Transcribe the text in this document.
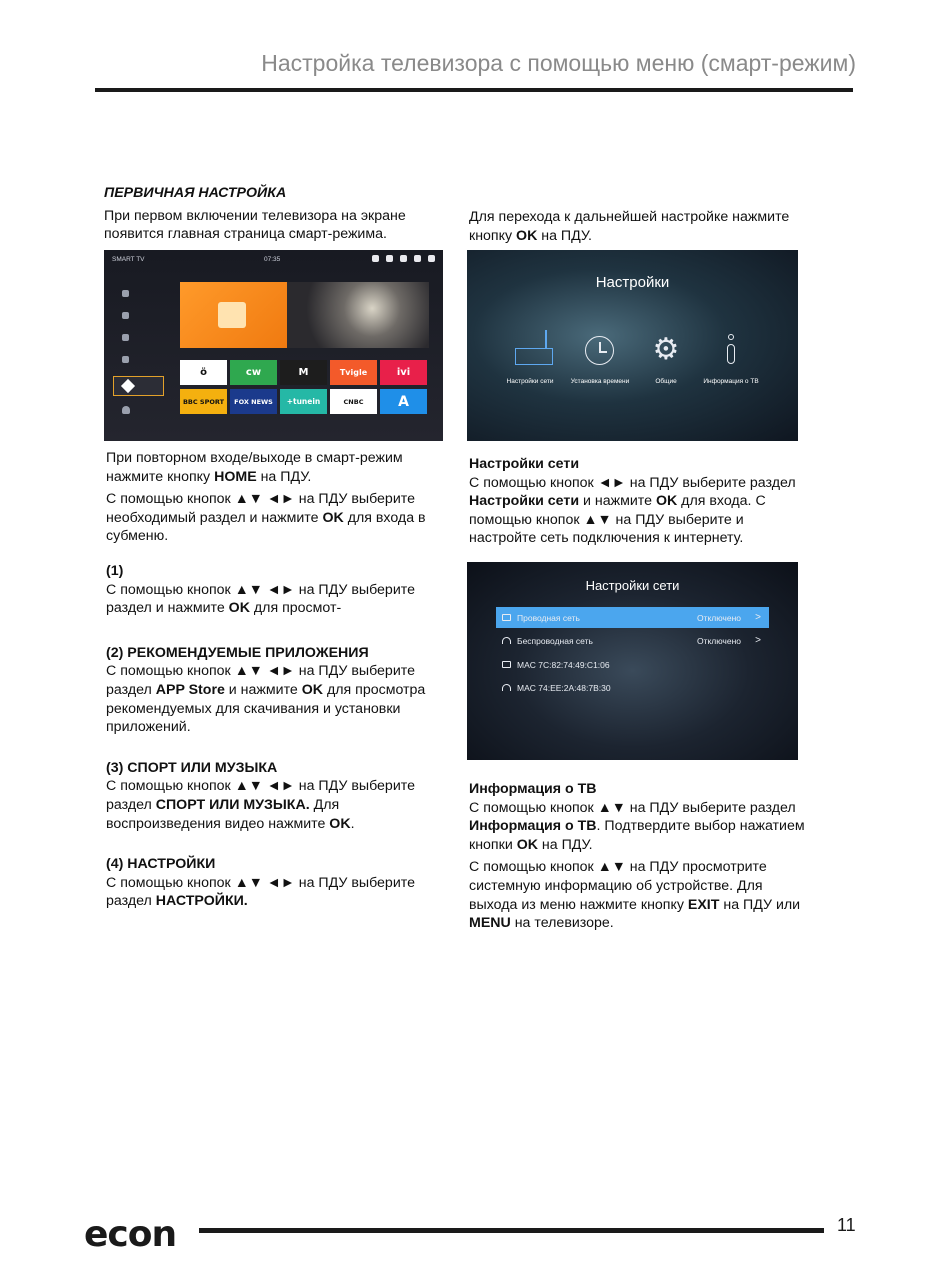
Настройка телевизора с помощью меню (смарт-режим)

ПЕРВИЧНАЯ НАСТРОЙКА

При первом включении телевизора на экране появится главная страница смарт-режима.

SMART TV	07:35
ö	cw	M	Tvigle	ivi
BBC SPORT	FOX NEWS	+tunein	CNBC	A

При повторном входе/выходе в смарт-режим нажмите кнопку HOME на ПДУ.

С помощью кнопок ▲▼ ◄► на ПДУ выберите необходимый раздел и нажмите OK для входа в субменю.

(1)

С помощью кнопок ▲▼ ◄► на ПДУ выберите раздел и нажмите OK для просмот-

(2) РЕКОМЕНДУЕМЫЕ ПРИЛОЖЕНИЯ

С помощью кнопок ▲▼ ◄► на ПДУ выберите раздел APP Store и нажмите OK для просмотра рекомендуемых для скачивания и установки приложений.

(3) СПОРТ ИЛИ МУЗЫКА

С помощью кнопок ▲▼ ◄► на ПДУ выберите раздел СПОРТ ИЛИ МУЗЫКА. Для воспроизведения видео нажмите OK.

(4) НАСТРОЙКИ

С помощью кнопок ▲▼ ◄► на ПДУ выберите раздел НАСТРОЙКИ.

Для перехода к дальнейшей настройке нажмите кнопку OK на ПДУ.

Настройки
Настройки сети	Установка времени
⚙
Общие	Информация о ТВ

Настройки сети

С помощью кнопок ◄► на ПДУ выберите раздел Настройки сети и нажмите OK для входа. С помощью кнопок ▲▼ на ПДУ выберите и настройте сеть подключения к интернету.

Настройки сети
Проводная сеть	Отключено >
Беспроводная сеть	Отключено >
MAC 7C:82:74:49:C1:06
MAC 74:EE:2A:48:7B:30

Информация о ТВ

С помощью кнопок ▲▼ на ПДУ выберите раздел Информация о ТВ. Подтвердите выбор нажатием кнопки OK на ПДУ.

С помощью кнопок ▲▼ на ПДУ просмотрите системную информацию об устройстве. Для выхода из меню нажмите кнопку EXIT на ПДУ или MENU на телевизоре.

econ	11
